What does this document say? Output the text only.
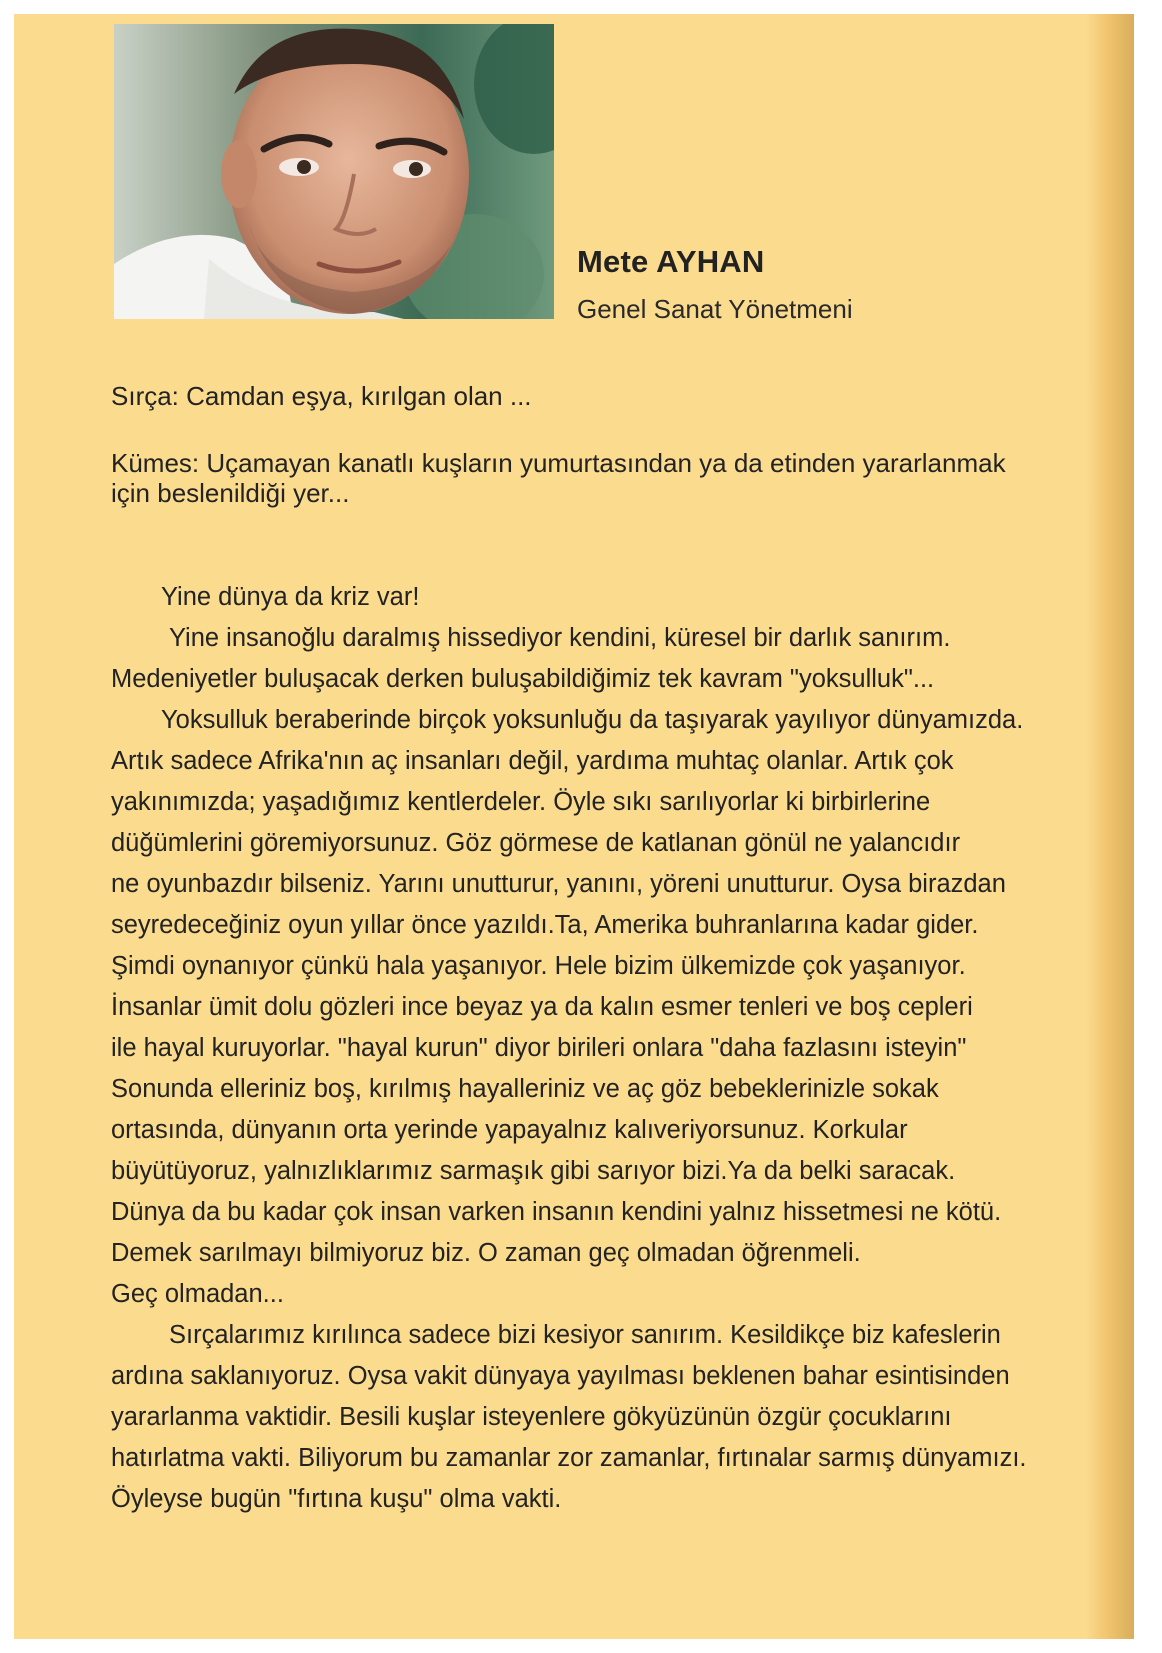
Mete AYHAN
Genel Sanat Yönetmeni
Sırça: Camdan eşya, kırılgan olan ...
Kümes: Uçamayan kanatlı kuşların yumurtasından ya da etinden yararlanmak
için beslenildiği yer...
Yine dünya da kriz var!
Yine insanoğlu daralmış hissediyor kendini, küresel bir darlık sanırım.
Medeniyetler buluşacak derken buluşabildiğimiz tek kavram "yoksulluk"...
Yoksulluk beraberinde birçok yoksunluğu da taşıyarak yayılıyor dünyamızda.
Artık sadece Afrika'nın aç insanları değil, yardıma muhtaç olanlar. Artık çok
yakınımızda; yaşadığımız kentlerdeler. Öyle sıkı sarılıyorlar ki birbirlerine
düğümlerini göremiyorsunuz. Göz görmese de katlanan gönül ne yalancıdır
ne oyunbazdır bilseniz. Yarını unutturur, yanını, yöreni unutturur. Oysa birazdan
seyredeceğiniz oyun yıllar önce yazıldı.Ta, Amerika buhranlarına kadar gider.
Şimdi oynanıyor çünkü hala yaşanıyor. Hele bizim ülkemizde çok yaşanıyor.
İnsanlar ümit dolu gözleri ince beyaz ya da kalın esmer tenleri ve boş cepleri
ile hayal kuruyorlar. "hayal kurun" diyor birileri onlara "daha fazlasını isteyin"
Sonunda elleriniz boş, kırılmış hayalleriniz ve aç göz bebeklerinizle sokak
ortasında, dünyanın orta yerinde yapayalnız kalıveriyorsunuz. Korkular
büyütüyoruz, yalnızlıklarımız sarmaşık gibi sarıyor bizi.Ya da belki saracak.
Dünya da bu kadar çok insan varken insanın kendini yalnız hissetmesi ne kötü.
Demek sarılmayı bilmiyoruz biz. O zaman geç olmadan öğrenmeli.
Geç olmadan...
Sırçalarımız kırılınca sadece bizi kesiyor sanırım. Kesildikçe biz kafeslerin
ardına saklanıyoruz. Oysa vakit dünyaya yayılması beklenen bahar esintisinden
yararlanma vaktidir. Besili kuşlar isteyenlere gökyüzünün özgür çocuklarını
hatırlatma vakti. Biliyorum bu zamanlar zor zamanlar, fırtınalar sarmış dünyamızı.
Öyleyse bugün "fırtına kuşu" olma vakti.
